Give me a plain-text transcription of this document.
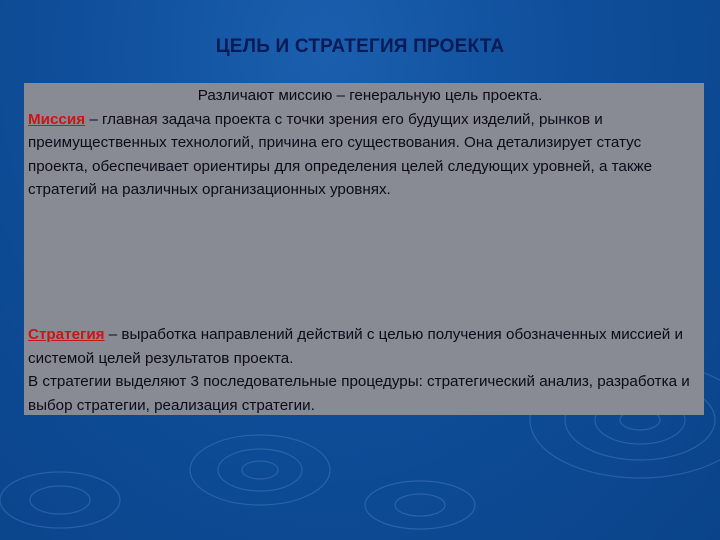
ЦЕЛЬ И СТРАТЕГИЯ ПРОЕКТА
Различают миссию – генеральную цель проекта.
Миссия – главная задача проекта с точки зрения его будущих изделий, рынков и преимущественных технологий, причина его существования. Она детализирует статус проекта, обеспечивает ориентиры для определения целей следующих уровней, а также стратегий на различных организационных уровнях.
Стратегия – выработка направлений действий с целью получения обозначенных миссией и системой целей результатов проекта.
В стратегии выделяют 3 последовательные процедуры: стратегический анализ, разработка и выбор стратегии, реализация стратегии.
